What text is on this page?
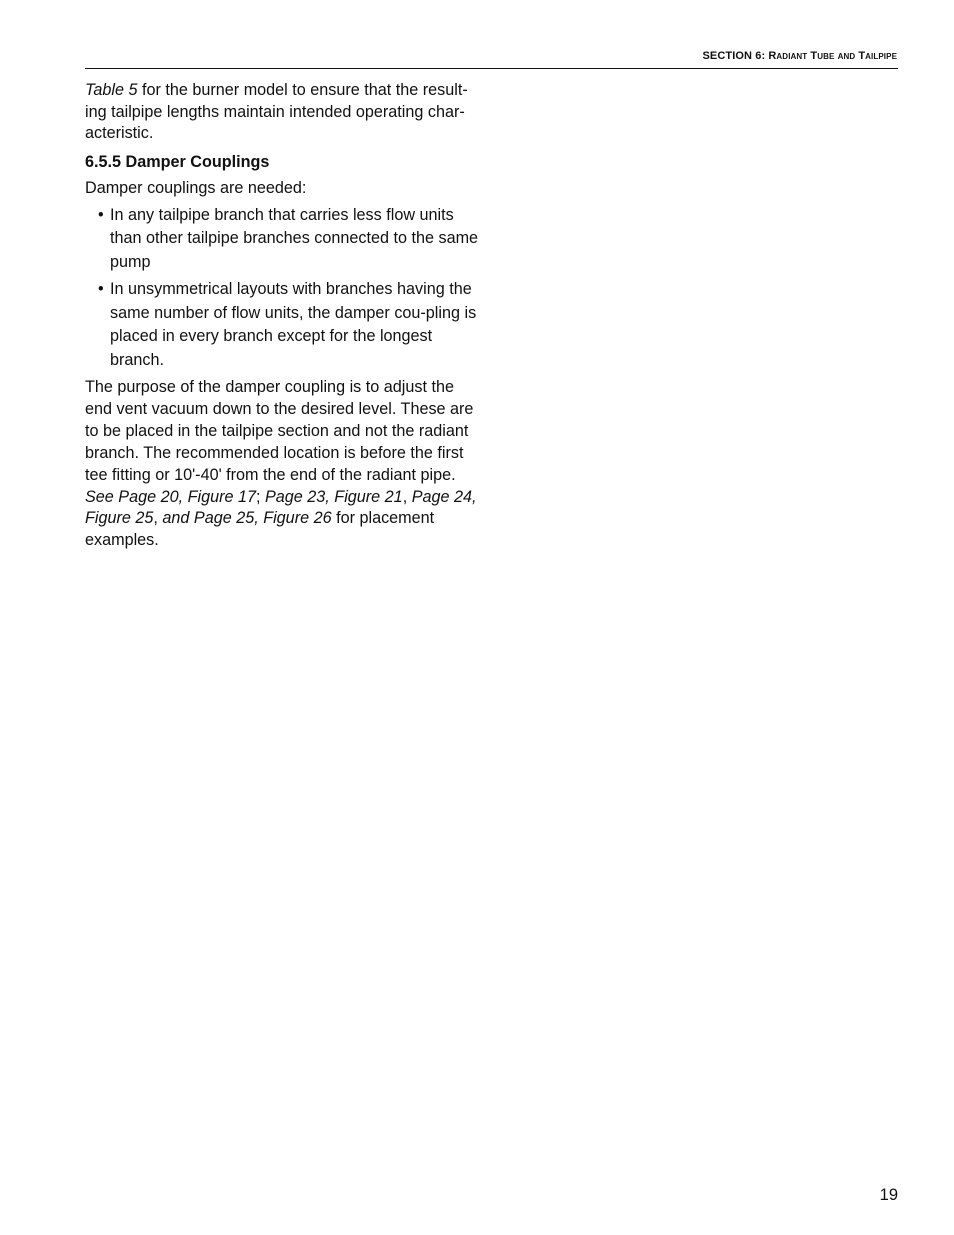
SECTION 6: Radiant Tube and Tailpipe

Table 5 for the burner model to ensure that the result-ing tailpipe lengths maintain intended operating char-acteristic.

6.5.5 Damper Couplings

Damper couplings are needed:

• In any tailpipe branch that carries less flow units than other tailpipe branches connected to the same pump
• In unsymmetrical layouts with branches having the same number of flow units, the damper cou-pling is placed in every branch except for the longest branch.

The purpose of the damper coupling is to adjust the end vent vacuum down to the desired level. These are to be placed in the tailpipe section and not the radiant branch. The recommended location is before the first tee fitting or 10'-40' from the end of the radiant pipe. See Page 20, Figure 17; Page 23, Figure 21, Page 24, Figure 25, and Page 25, Figure 26 for placement examples.

19
